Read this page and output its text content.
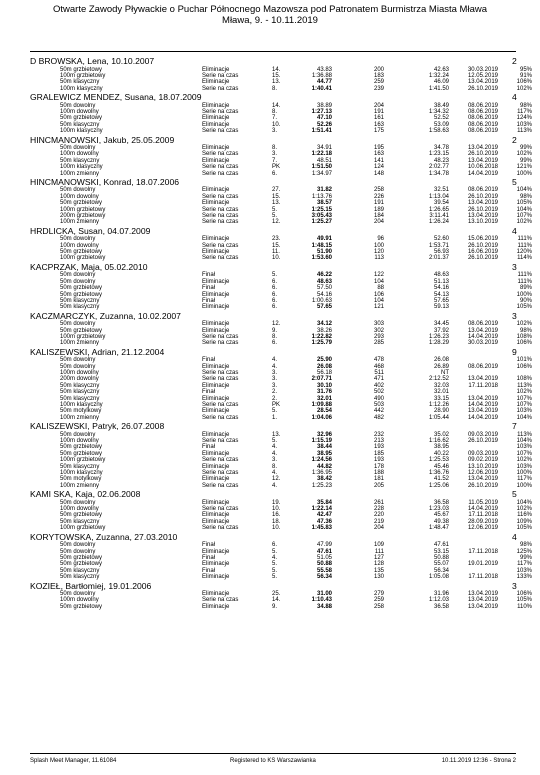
Otwarte Zawody Pływackie o Puchar Północnego Mazowsza pod Patronatem Burmistrza Miasta Mława
Mława, 9. - 10.11.2019
D BROWSKA, Lena, 10.10.2007	2
50m grzbietowy	Eliminacje	14.	43.83	200	42.63	30.03.2019	95%
100m grzbietowy	Serie na czas	15.	1:36.88	183	1:32.24	12.05.2019	91%
50m klasyczny	Eliminacje	13.	44.77	259	46.09	13.04.2019	106%
100m klasyczny	Serie na czas	8.	1:40.41	239	1:41.50	26.10.2019	102%
GRALEWICZ MENDEZ, Susana, 18.07.2009	4
50m dowolny	Eliminacje	14.	38.89	204	38.49	08.06.2019	98%
100m dowolny	Serie na czas	8.	1:27.13	191	1:34.32	08.06.2019	117%
50m grzbietowy	Eliminacje	7.	47.10	161	52.52	08.06.2019	124%
50m klasyczny	Eliminacje	10.	52.26	163	53.09	08.06.2019	103%
100m klasyczny	Serie na czas	3.	1:51.41	175	1:58.63	08.06.2019	113%
HINCMANOWSKI, Jakub, 25.05.2009	2
50m dowolny	Eliminacje	8.	34.91	195	34.78	13.04.2019	99%
100m dowolny	Serie na czas	3.	1:22.18	163	1:23.15	26.10.2019	102%
50m klasyczny	Eliminacje	7.	48.51	141	48.23	13.04.2019	99%
100m klasyczny	Serie na czas	PK	1:51.50	124	2:02.77	10.06.2018	121%
100m zmienny	Serie na czas	6.	1:34.97	148	1:34.78	14.04.2019	100%
HINCMANOWSKI, Konrad, 18.07.2006	5
50m dowolny	Eliminacje	27.	31.82	258	32.51	08.06.2019	104%
100m dowolny	Serie na czas	15.	1:13.76	226	1:13.04	26.10.2019	98%
50m grzbietowy	Eliminacje	13.	38.57	191	39.54	13.04.2019	105%
100m grzbietowy	Serie na czas	5.	1:25.15	189	1:26.65	26.10.2019	104%
200m grzbietowy	Serie na czas	5.	3:05.43	184	3:11.41	13.04.2019	107%
100m zmienny	Serie na czas	12.	1:25.27	204	1:26.24	13.10.2019	102%
HRDLICKA, Susan, 04.07.2009	4
50m dowolny	Eliminacje	23.	49.91	96	52.60	15.06.2019	111%
100m dowolny	Serie na czas	15.	1:48.15	100	1:53.71	26.10.2019	111%
50m grzbietowy	Eliminacje	11.	51.90	120	56.93	16.06.2019	120%
100m grzbietowy	Serie na czas	10.	1:53.60	113	2:01.37	26.10.2019	114%
KACPRZAK, Maja, 05.02.2010	3
50m dowolny	Finał	5.	46.22	122	48.63	111%
50m dowolny	Eliminacje	6.	48.63	104	51.13	111%
50m grzbietowy	Finał	6.	57.50	88	54.16	89%
50m grzbietowy	Eliminacje	6.	54.16	106	54.13	100%
50m klasyczny	Finał	6.	1:00.63	104	57.65	90%
50m klasyczny	Eliminacje	6.	57.65	121	59.13	105%
KACZMARCZYK, Zuzanna, 10.02.2007	3
50m dowolny	Eliminacje	12.	34.12	303	34.45	08.06.2019	102%
50m grzbietowy	Eliminacje	9.	38.26	302	37.92	13.04.2019	98%
100m grzbietowy	Serie na czas	8.	1:22.82	293	1:26.23	14.04.2019	108%
100m zmienny	Serie na czas	6.	1:25.79	285	1:28.29	30.03.2019	106%
KALISZEWSKI, Adrian, 21.12.2004	9
50m dowolny	Finał	4.	25.90	478	26.08	101%
50m dowolny	Eliminacje	4.	26.08	468	26.89	08.06.2019	106%
100m dowolny	Serie na czas	3.	56.18	511	NT
200m dowolny	Serie na czas	3.	2:07.71	471	2:12.52	13.04.2019	108%
50m klasyczny	Eliminacje	3.	30.10	402	32.03	17.11.2018	113%
50m klasyczny	Finał	2.	31.76	502	32.01	102%
50m klasyczny	Eliminacje	2.	32.01	490	33.15	13.04.2019	107%
100m klasyczny	Serie na czas	PK	1:09.88	503	1:12.26	14.04.2019	107%
50m motylkowy	Eliminacje	5.	28.54	442	28.90	13.04.2019	103%
100m zmienny	Serie na czas	1.	1:04.06	482	1:05.44	14.04.2019	104%
KALISZEWSKI, Patryk, 26.07.2008	7
50m dowolny	Eliminacje	13.	32.96	232	35.02	09.03.2019	113%
100m dowolny	Serie na czas	5.	1:15.19	213	1:16.62	26.10.2019	104%
50m grzbietowy	Finał	4.	38.44	193	38.95	103%
50m grzbietowy	Eliminacje	4.	38.95	185	40.22	09.03.2019	107%
100m grzbietowy	Serie na czas	3.	1:24.56	193	1:25.53	09.02.2019	102%
50m klasyczny	Eliminacje	8.	44.82	178	45.46	13.10.2019	103%
100m klasyczny	Serie na czas	4.	1:36.95	188	1:36.76	12.06.2019	100%
50m motylkowy	Eliminacje	12.	38.42	181	41.52	13.04.2019	117%
100m zmienny	Serie na czas	4.	1:25.23	205	1:25.06	26.10.2019	100%
KAMI SKA, Kaja, 02.06.2008	5
50m dowolny	Eliminacje	19.	35.84	261	36.58	11.05.2019	104%
100m dowolny	Serie na czas	10.	1:22.14	228	1:23.03	14.04.2019	102%
50m grzbietowy	Eliminacje	16.	42.47	220	45.67	17.11.2018	116%
50m klasyczny	Eliminacje	18.	47.36	219	49.38	28.09.2019	109%
100m grzbietowy	Serie na czas	10.	1:45.83	204	1:48.47	12.06.2019	105%
KORYTOWSKA, Zuzanna, 27.03.2010	4
50m dowolny	Finał	6.	47.99	109	47.61	98%
50m dowolny	Eliminacje	5.	47.61	111	53.15	17.11.2018	125%
50m grzbietowy	Finał	4.	51.05	127	50.88	99%
50m grzbietowy	Eliminacje	5.	50.88	128	55.07	19.01.2019	117%
50m klasyczny	Finał	5.	55.58	135	56.34	103%
50m klasyczny	Eliminacje	5.	56.34	130	1:05.08	17.11.2018	133%
KOZIEŁ, Bartłomiej, 19.01.2006	3
50m dowolny	Eliminacje	25.	31.00	279	31.96	13.04.2019	106%
100m dowolny	Serie na czas	14.	1:10.43	259	1:12.03	13.04.2019	105%
50m grzbietowy	Eliminacje	9.	34.88	258	36.58	13.04.2019	110%
Splash Meet Manager, 11.61084	Registered to KS Warszawianka	10.11.2019 12:36 - Strona 2
